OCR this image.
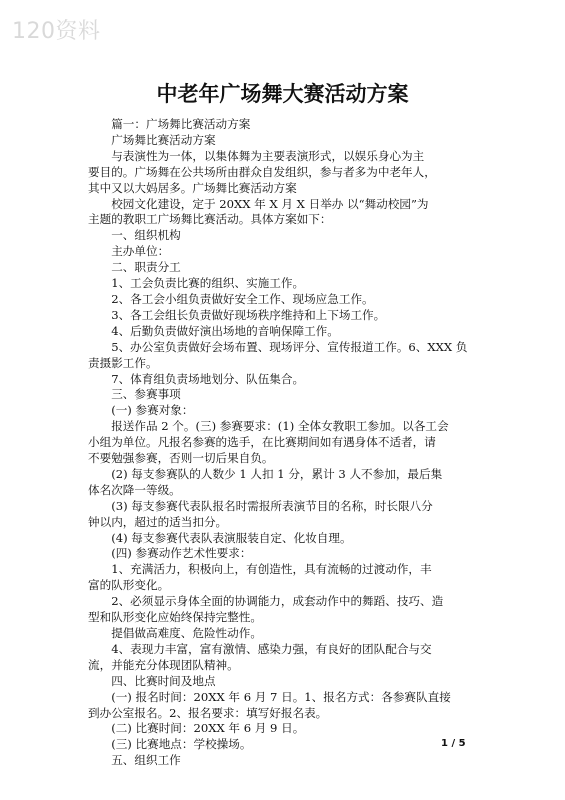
120资料
中老年广场舞大赛活动方案
　　篇一：广场舞比赛活动方案
　　广场舞比赛活动方案
　　与表演性为一体，以集体舞为主要表演形式，以娱乐身心为主
要目的。广场舞在公共场所由群众自发组织，参与者多为中老年人，
其中又以大妈居多。广场舞比赛活动方案
　　校园文化建设，定于 20XX 年 X 月 X 日举办 以“舞动校园”为
主题的教职工广场舞比赛活动。具体方案如下：
　　一、组织机构
　　主办单位：
　　二、职责分工
　　1、工会负责比赛的组织、实施工作。
　　2、各工会小组负责做好安全工作、现场应急工作。
　　3、各工会组长负责做好现场秩序维持和上下场工作。
　　4、后勤负责做好演出场地的音响保障工作。
　　5、办公室负责做好会场布置、现场评分、宣传报道工作。6、XXX 负
责摄影工作。
　　7、体育组负责场地划分、队伍集合。
　　三、参赛事项
　　(一) 参赛对象：
　　报送作品 2 个。(三) 参赛要求：(1) 全体女教职工参加。以各工会
小组为单位。凡报名参赛的选手，在比赛期间如有遇身体不适者，请
不要勉强参赛，否则一切后果自负。
　　(2) 每支参赛队的人数少 1 人扣 1 分，累计 3 人不参加，最后集
体名次降一等级。
　　(3) 每支参赛代表队报名时需报所表演节目的名称，时长限八分
钟以内，超过的适当扣分。
　　(4) 每支参赛代表队表演服装自定、化妆自理。
　　(四) 参赛动作艺术性要求：
　　1、充满活力，积极向上，有创造性，具有流畅的过渡动作，丰
富的队形变化。
　　2、必须显示身体全面的协调能力，成套动作中的舞蹈、技巧、造
型和队形变化应始终保持完整性。
　　提倡做高难度、危险性动作。
　　4、表现力丰富，富有激情、感染力强，有良好的团队配合与交
流，并能充分体现团队精神。
　　四、比赛时间及地点
　　(一) 报名时间：20XX 年 6 月 7 日。1、报名方式：各参赛队直接
到办公室报名。2、报名要求：填写好报名表。
　　(二) 比赛时间：20XX 年 6 月 9 日。
　　(三) 比赛地点：学校操场。
　　五、组织工作
1 / 5
